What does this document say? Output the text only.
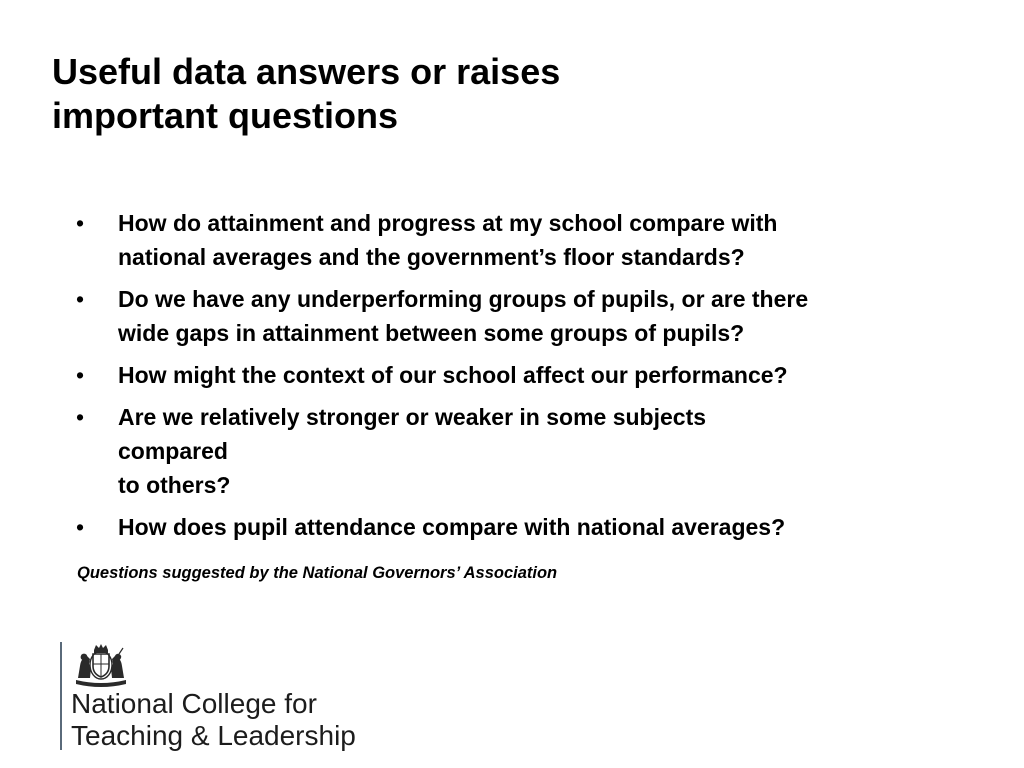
Useful data answers or raises
important questions
• How do attainment and progress at my school compare with
national averages and the government’s floor standards?
• Do we have any underperforming groups of pupils, or are there
wide gaps in attainment between some groups of pupils?
• How might the context of our school affect our performance?
• Are we relatively stronger or weaker in some subjects
compared
to others?
• How does pupil attendance compare with national averages?

Questions suggested by the National Governors’ Association

National College for
Teaching & Leadership
